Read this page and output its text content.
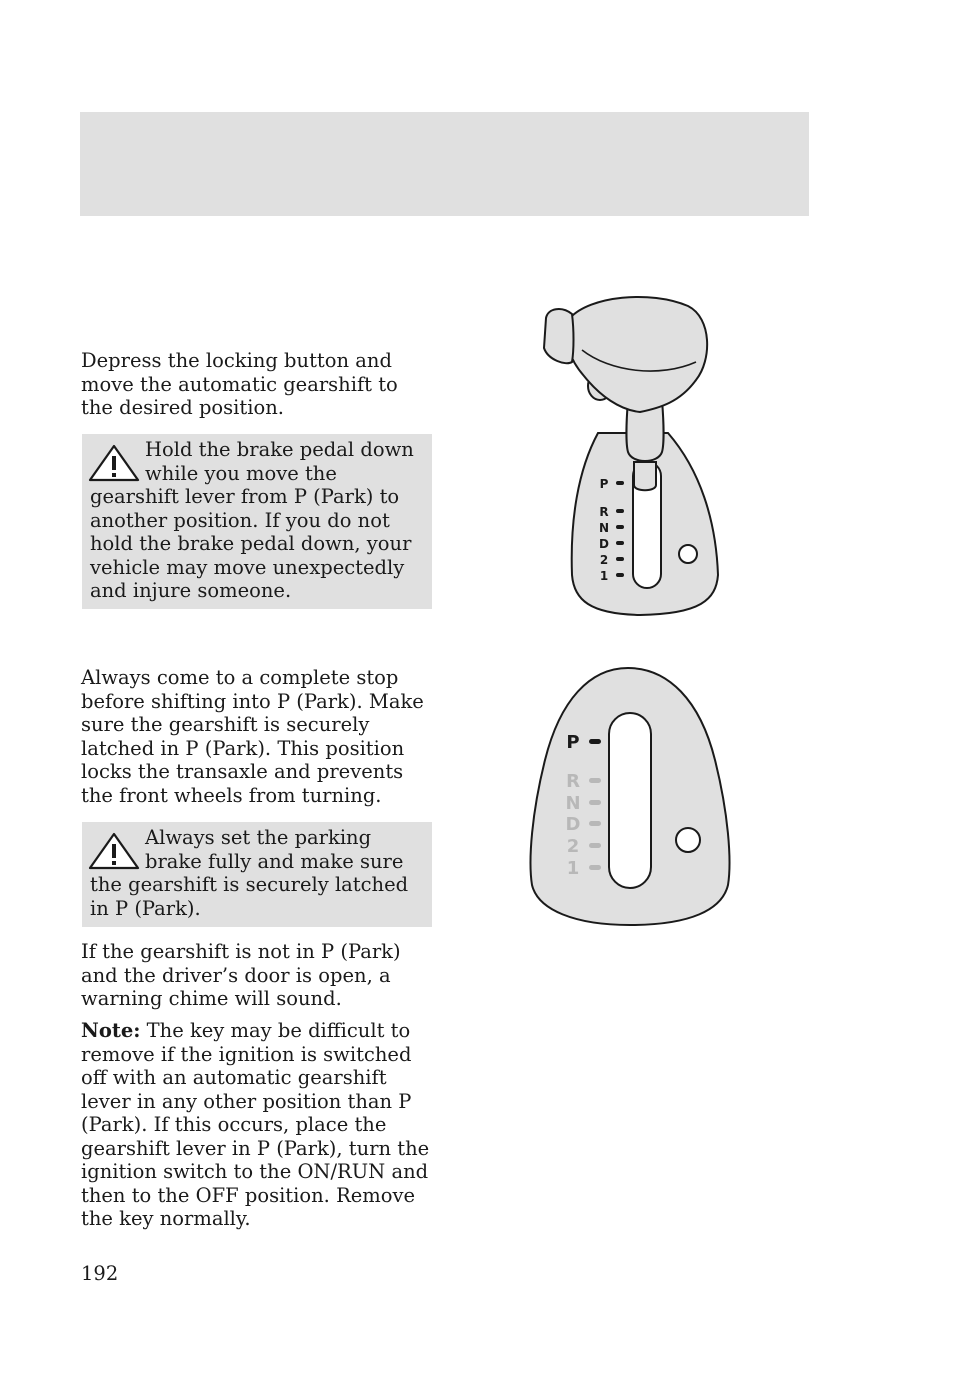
Depress the locking button and move the automatic gearshift to the desired position.

Hold the brake pedal down while you move the gearshift lever from P (Park) to another position. If you do not hold the brake pedal down, your vehicle may move unexpectedly and injure someone.

Always come to a complete stop before shifting into P (Park). Make sure the gearshift is securely latched in P (Park). This position locks the transaxle and prevents the front wheels from turning.

Always set the parking brake fully and make sure the gearshift is securely latched in P (Park).

If the gearshift is not in P (Park) and the driver’s door is open, a warning chime will sound.

Note: The key may be difficult to remove if the ignition is switched off with an automatic gearshift lever in any other position than P (Park). If this occurs, place the gearshift lever in P (Park), turn the ignition switch to the ON/RUN and then to the OFF position. Remove the key normally.

192
P
R
N
D
2
1
P
R
N
D
2
1
